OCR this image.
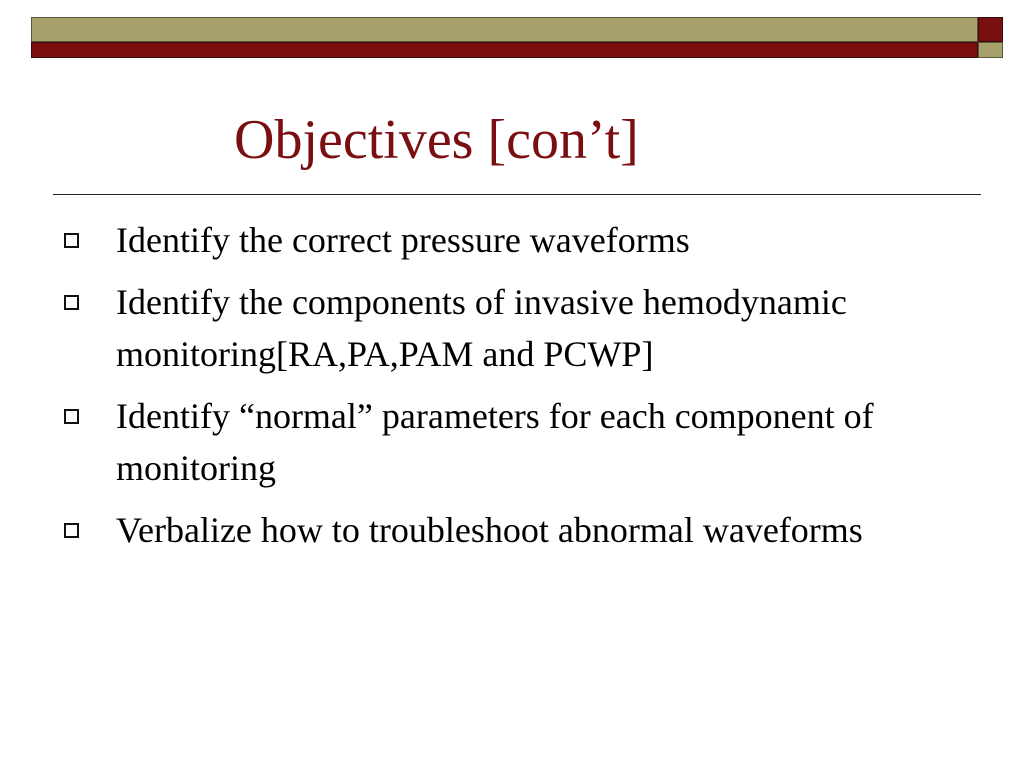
Objectives [con’t]
Identify the correct pressure waveforms
Identify the components of invasive hemodynamic monitoring[RA,PA,PAM and PCWP]
Identify “normal” parameters for each component of monitoring
Verbalize how to troubleshoot abnormal waveforms
